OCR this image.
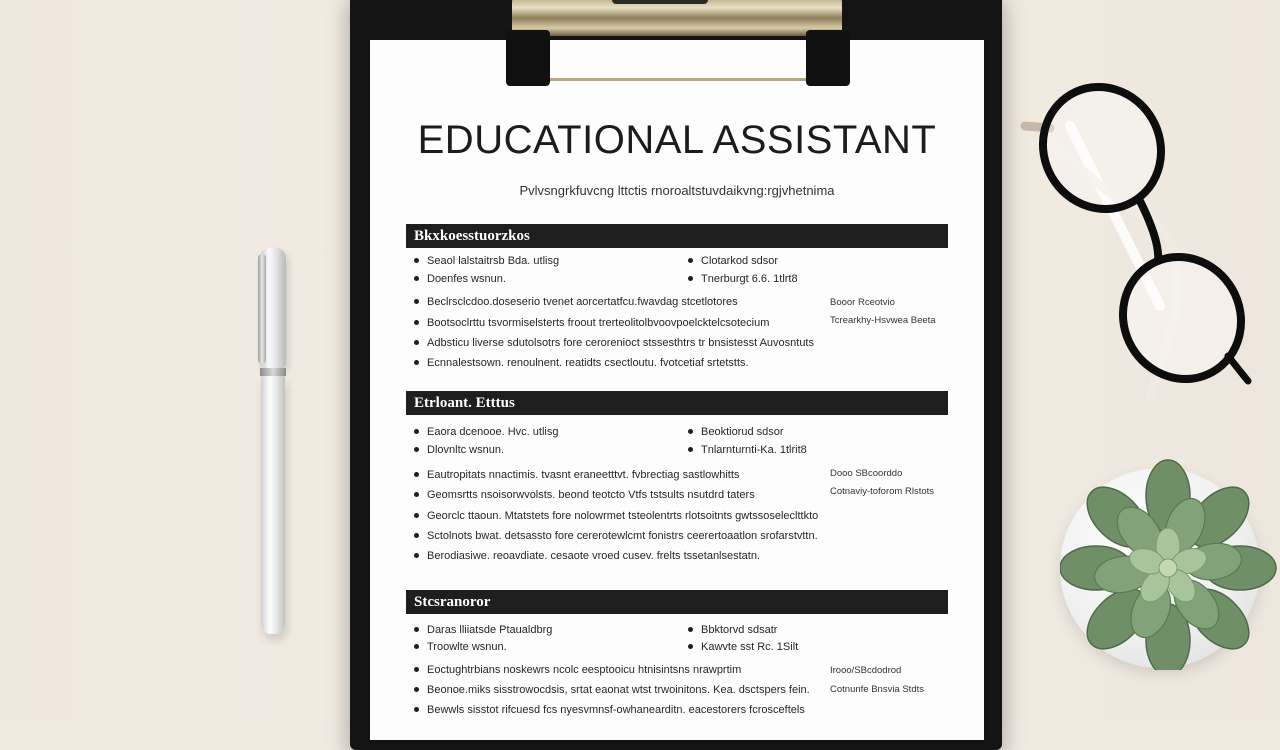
EDUCATIONAL ASSISTANT
Pvlvsngrkfuvcng lttctis rnoroaltstuvdaikvng:rgjvhetnima
Bkxkoesstuorzkos
Seaol lalstaitrsb Bda. utlisg
Doenfes wsnun.
Clotarkod sdsor
Tnerburgt 6.6. 1tlrt8
Beclrsclcdoo.doseserio tvenet aorcertatfcu.fwavdag stcetlotores
Bootsoclrttu tsvormiselsterts froout trerteolitolbvoovpoelcktelcsotecium
Adbsticu liverse sdutolsotrs fore cerorenioct stssesthtrs tr bnsistesst Auvosntuts
Ecnnalestsown. renoulnent. reatidts csectloutu. fvotcetiaf srtetstts.
Booor Rceotvio
Tcrearkhy-Hsvwea Beeta
Etrloant. Etttus
Eaora dcenooe. Hvc. utlisg
Dlovnltc wsnun.
Beoktiorud sdsor
Tnlarnturnti-Ka. 1tlrit8
Eautropitats nnactimis. tvasnt eraneetttvt. fvbrectiag sastlowhitts
Geomsrtts nsoisorwvolsts. beond teotcto Vtfs tstsults nsutdrd taters
Georclc ttaoun. Mtatstets fore nolowrmet tsteolentrts rlotsoitnts gwtssoseleclttkto
Sctolnots bwat. detsassto fore cererotewlcmt fonistrs ceerertoaatlon srofarstvttn.
Berodiasiwe. reoavdiate. cesaote vroed cusev. frelts tssetanlsestatn.
Dooo SBcoorddo
Cotnaviy-toforom Rlstots
Stcsranoror
Daras lliiatsde Ptaualdbrg
Troowlte wsnun.
Bbktorvd sdsatr
Kawvte sst Rc. 1Silt
Eoctughtrbians noskewrs ncolc eesptooicu htnisintsns nrawprtim
Beonoe.miks sisstrowocdsis, srtat eaonat wtst trwoinitons. Kea. dsctspers fein.
Bewwls sisstot rifcuesd fcs nyesvmnsf-owhanearditn. eacestorers fcrosceftels
Irooo/SBcdodrod
Cotnunfe Bnsvia Stdts
